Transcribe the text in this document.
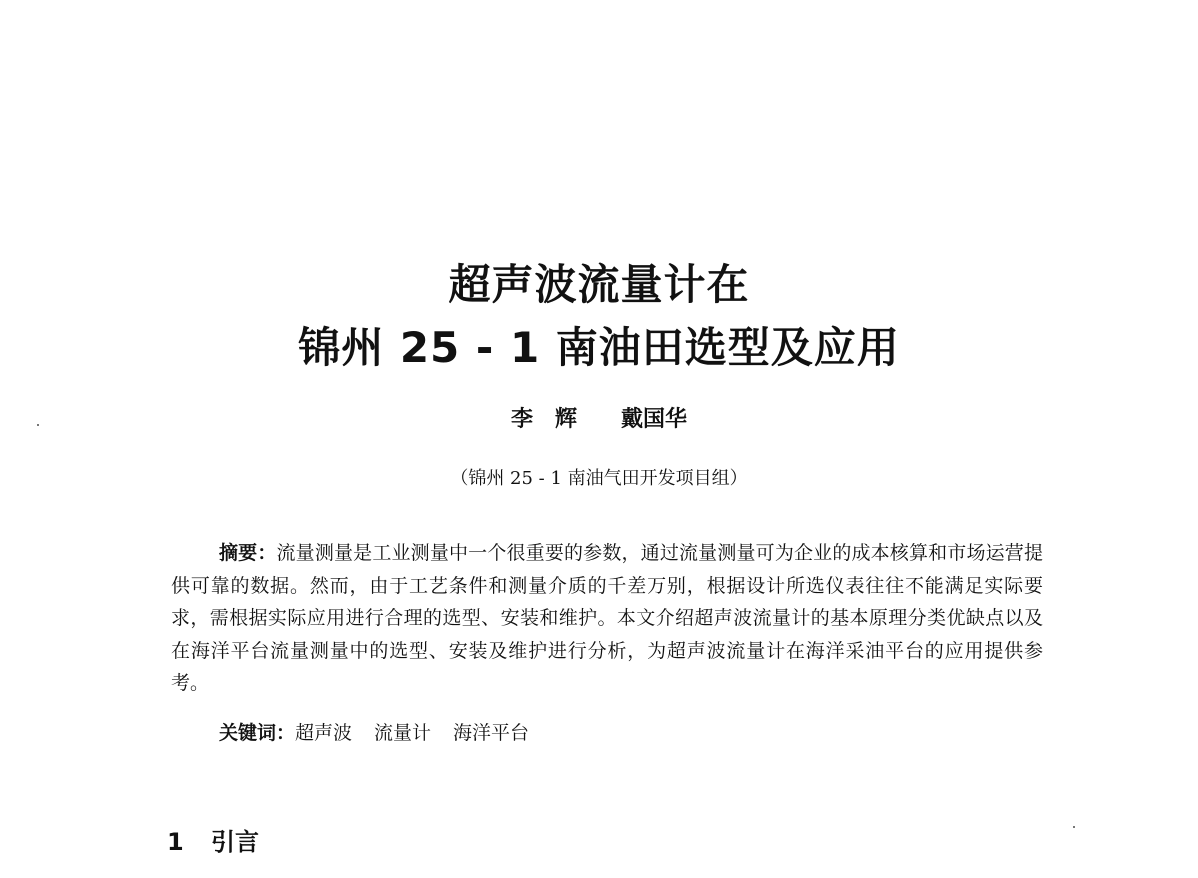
超声波流量计在
锦州 25 - 1 南油田选型及应用
李　辉 戴国华
（锦州 25 - 1 南油气田开发项目组）

摘要：流量测量是工业测量中一个很重要的参数，通过流量测量可为企业的成本核算和市场运营提供可靠的数据。然而，由于工艺条件和测量介质的千差万别，根据设计所选仪表往往不能满足实际要求，需根据实际应用进行合理的选型、安装和维护。本文介绍超声波流量计的基本原理分类优缺点以及在海洋平台流量测量中的选型、安装及维护进行分析，为超声波流量计在海洋采油平台的应用提供参考。

关键词：超声波 流量计 海洋平台
1 引言
